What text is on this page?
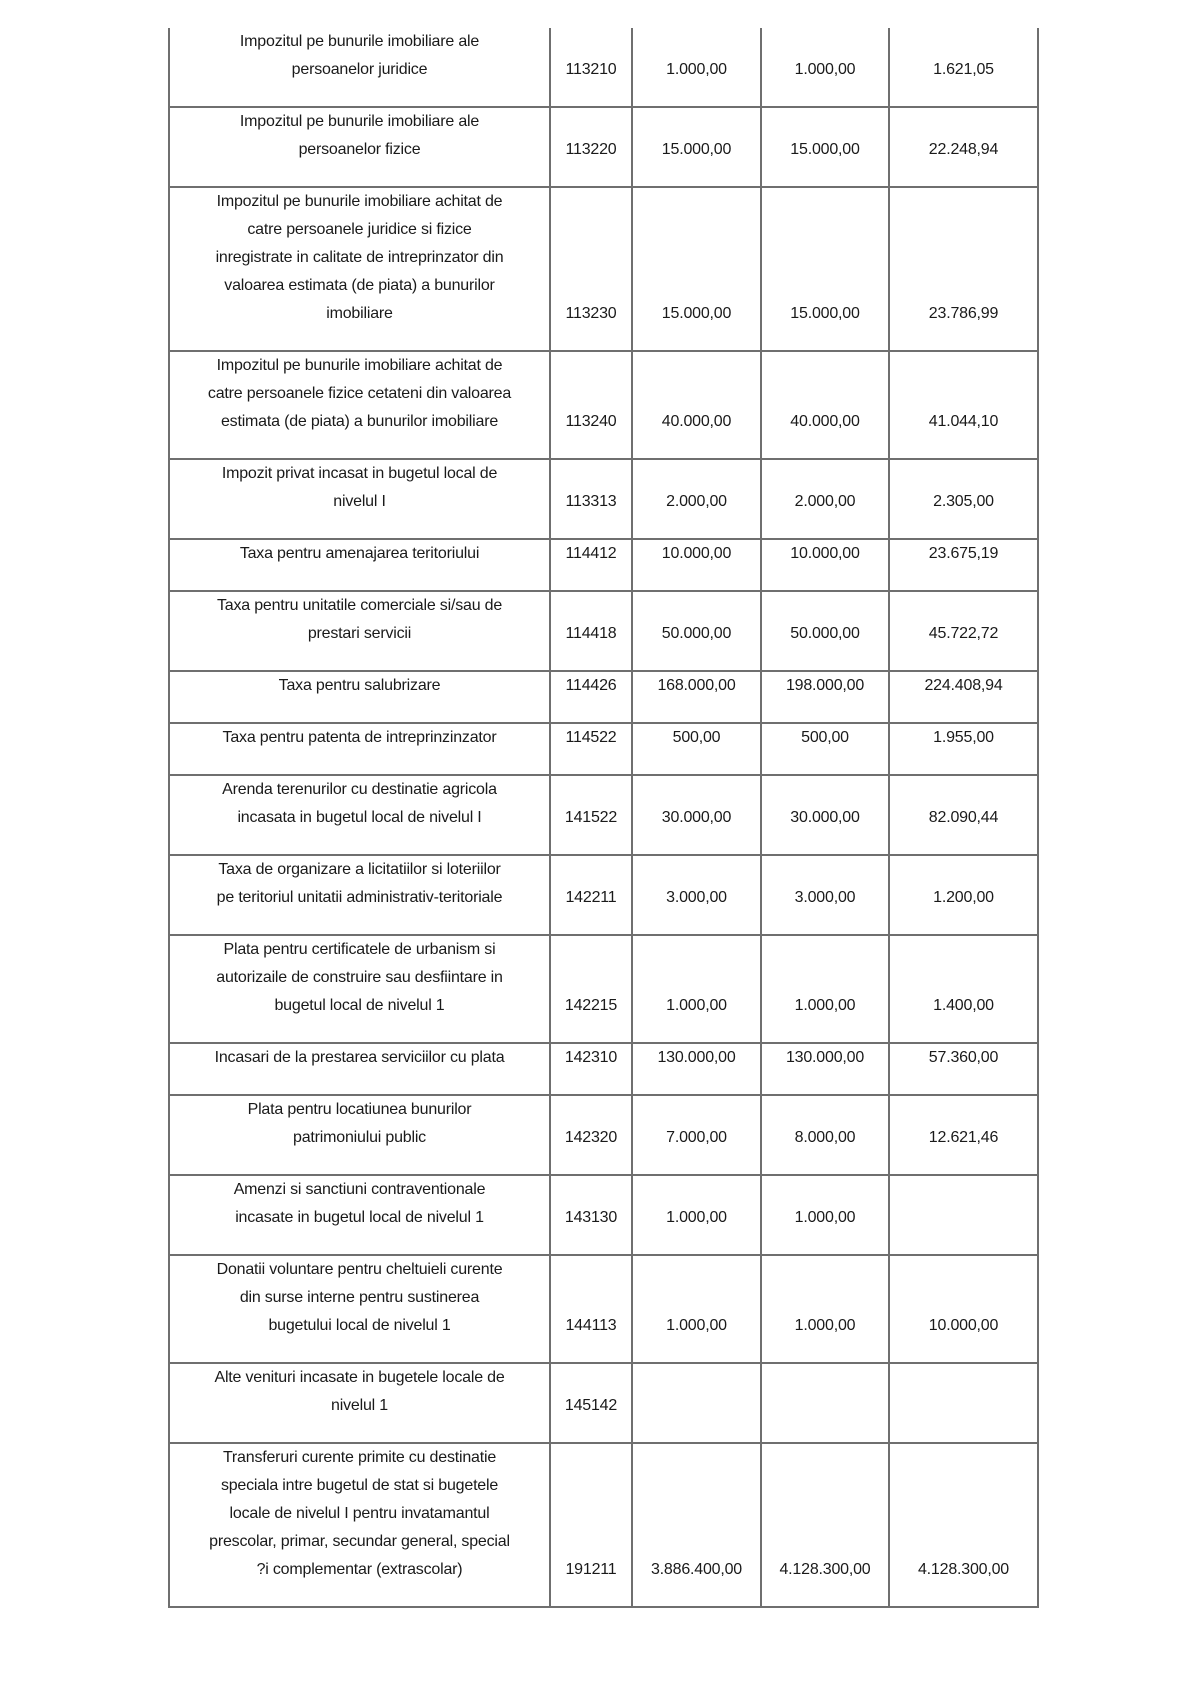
Impozitul pe bunurile imobiliare ale
persoanelor juridice	113210	1.000,00	1.000,00	1.621,05

Impozitul pe bunurile imobiliare ale
persoanelor fizice	113220	15.000,00	15.000,00	22.248,94

Impozitul pe bunurile imobiliare achitat de
catre persoanele juridice si fizice
inregistrate in calitate de intreprinzator din
valoarea estimata (de piata) a bunurilor
imobiliare	113230	15.000,00	15.000,00	23.786,99

Impozitul pe bunurile imobiliare achitat de
catre persoanele fizice cetateni din valoarea
estimata (de piata) a bunurilor imobiliare	113240	40.000,00	40.000,00	41.044,10

Impozit privat incasat in bugetul local de
nivelul I	113313	2.000,00	2.000,00	2.305,00

Taxa pentru amenajarea teritoriului	114412	10.000,00	10.000,00	23.675,19

Taxa pentru unitatile comerciale si/sau de
prestari servicii	114418	50.000,00	50.000,00	45.722,72

Taxa pentru salubrizare	114426	168.000,00	198.000,00	224.408,94

Taxa pentru patenta de intreprinzinzator	114522	500,00	500,00	1.955,00

Arenda terenurilor cu destinatie agricola
incasata in bugetul local de nivelul I	141522	30.000,00	30.000,00	82.090,44

Taxa de organizare a licitatiilor si loteriilor
pe teritoriul unitatii administrativ-teritoriale	142211	3.000,00	3.000,00	1.200,00

Plata pentru certificatele de urbanism si
autorizaile de construire sau desfiintare in
bugetul local de nivelul 1	142215	1.000,00	1.000,00	1.400,00

Incasari de la prestarea serviciilor cu plata	142310	130.000,00	130.000,00	57.360,00

Plata pentru locatiunea bunurilor
patrimoniului public	142320	7.000,00	8.000,00	12.621,46

Amenzi si sanctiuni contraventionale
incasate in bugetul local de nivelul 1	143130	1.000,00	1.000,00	

Donatii voluntare pentru cheltuieli curente
din surse interne pentru sustinerea
bugetului local de nivelul 1	144113	1.000,00	1.000,00	10.000,00

Alte venituri incasate in bugetele locale de
nivelul 1	145142			

Transferuri curente primite cu destinatie
speciala intre bugetul de stat si bugetele
locale de nivelul I pentru invatamantul
prescolar, primar, secundar general, special
?i complementar (extrascolar)	191211	3.886.400,00	4.128.300,00	4.128.300,00
